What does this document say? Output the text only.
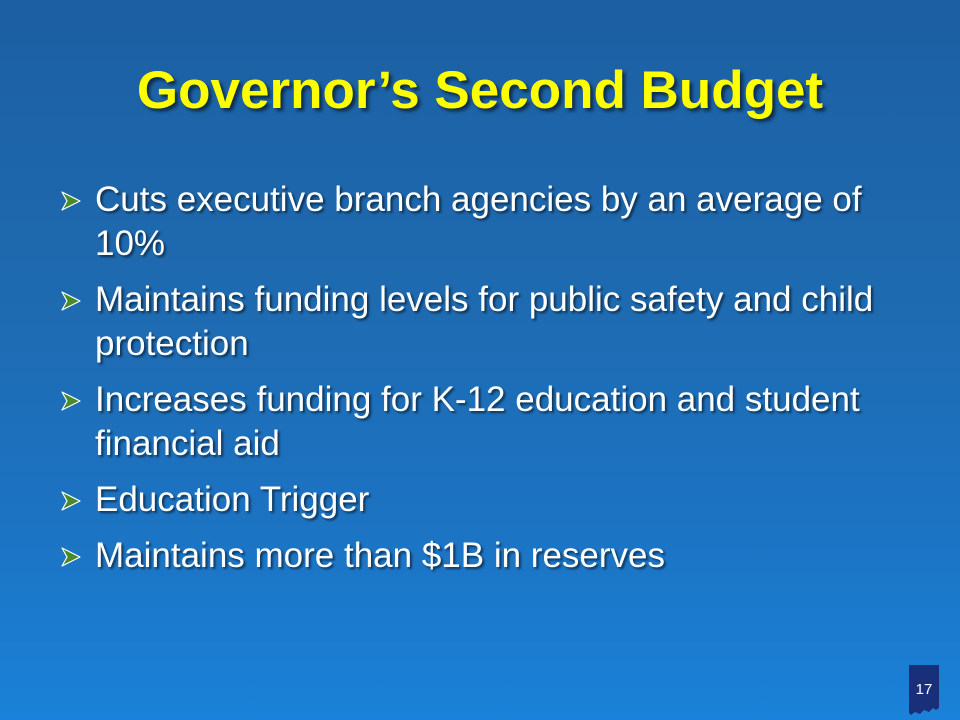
Governor’s Second Budget
Cuts executive branch agencies by an average of 10%
Maintains funding levels for public safety and child protection
Increases funding for K-12 education and student financial aid
Education Trigger
Maintains more than $1B in reserves
17
